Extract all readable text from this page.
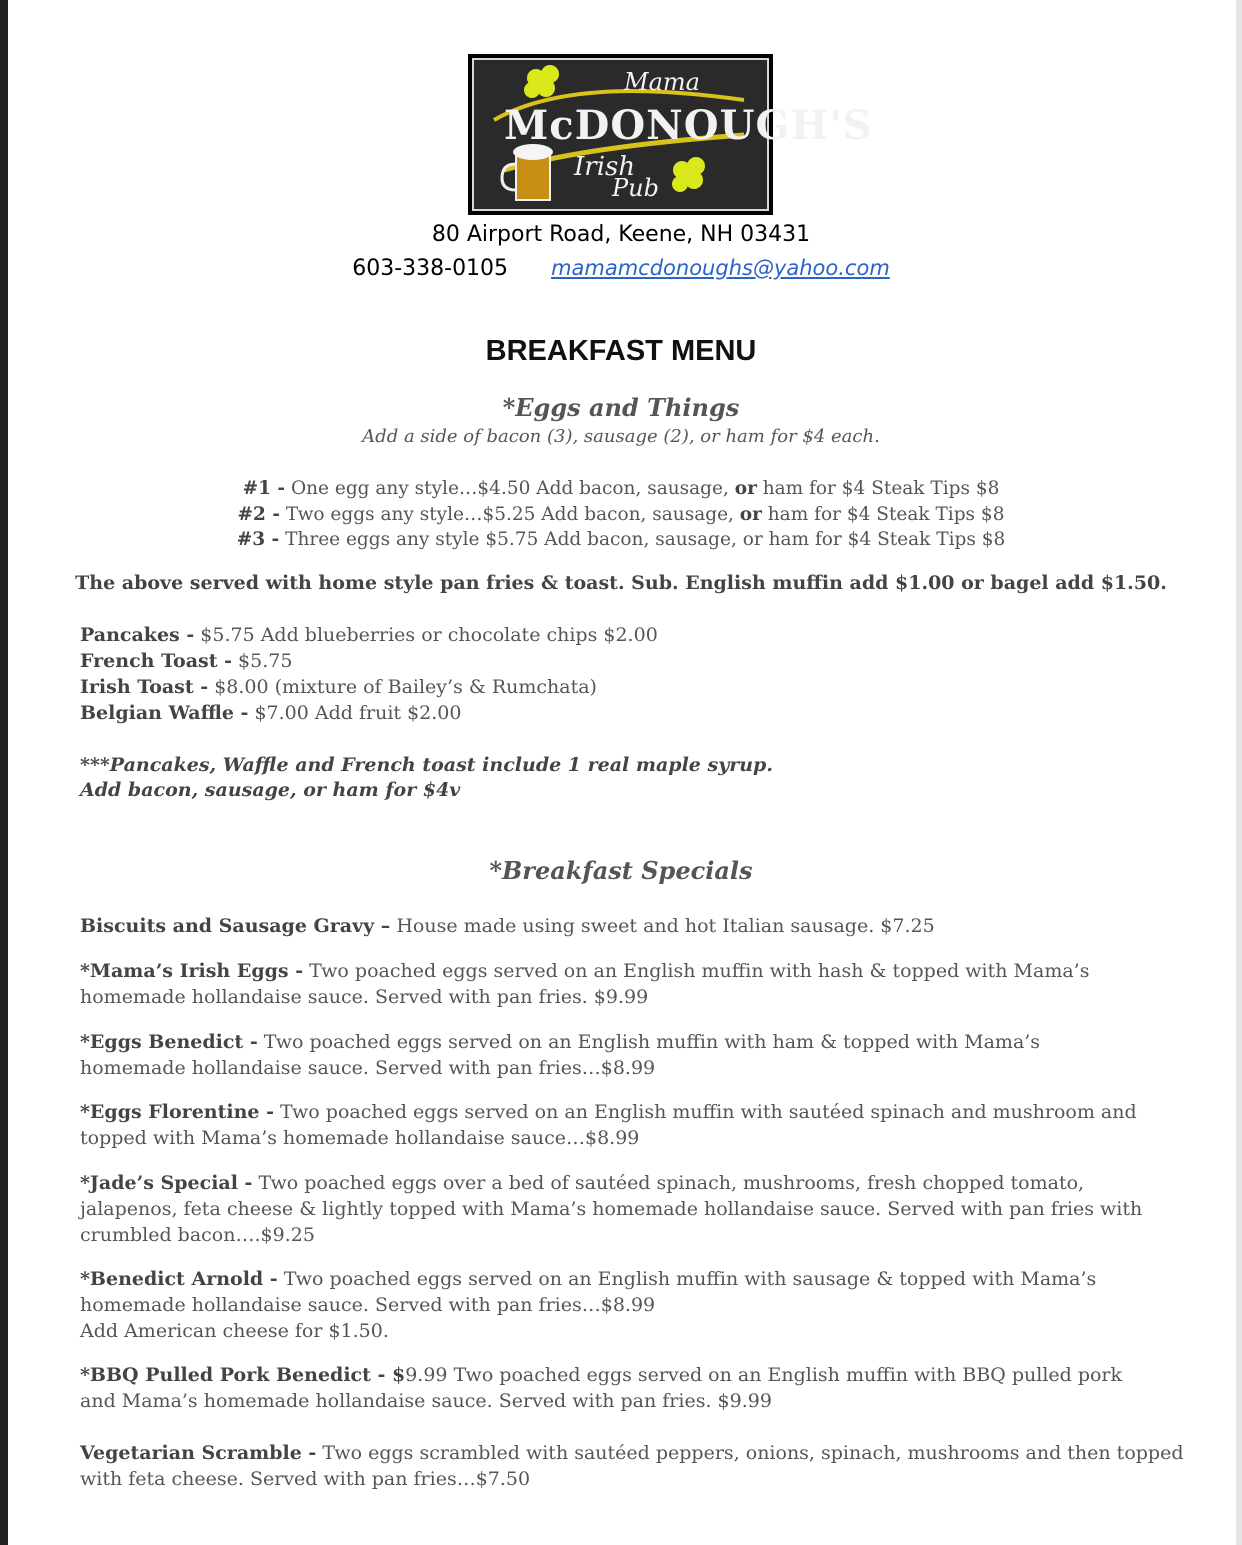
Mama
McDONOUGH'S
Irish
Pub
80 Airport Road, Keene, NH 03431
603-338-0105 mamamcdonoughs@yahoo.com
BREAKFAST MENU
*Eggs and Things
Add a side of bacon (3), sausage (2), or ham for $4 each.
#1 - One egg any style…$4.50 Add bacon, sausage, or ham for $4 Steak Tips $8
#2 - Two eggs any style…$5.25 Add bacon, sausage, or ham for $4 Steak Tips $8
#3 - Three eggs any style $5.75 Add bacon, sausage, or ham for $4 Steak Tips $8
The above served with home style pan fries & toast. Sub. English muffin add $1.00 or bagel add $1.50.
Pancakes - $5.75 Add blueberries or chocolate chips $2.00
French Toast - $5.75
Irish Toast - $8.00 (mixture of Bailey’s & Rumchata)
Belgian Waffle - $7.00 Add fruit $2.00
***Pancakes, Waffle and French toast include 1 real maple syrup.
Add bacon, sausage, or ham for $4v
*Breakfast Specials
Biscuits and Sausage Gravy – House made using sweet and hot Italian sausage. $7.25
*Mama’s Irish Eggs - Two poached eggs served on an English muffin with hash & topped with Mama’s
homemade hollandaise sauce. Served with pan fries. $9.99
*Eggs Benedict - Two poached eggs served on an English muffin with ham & topped with Mama’s
homemade hollandaise sauce. Served with pan fries…$8.99
*Eggs Florentine - Two poached eggs served on an English muffin with sautéed spinach and mushroom and
topped with Mama’s homemade hollandaise sauce…$8.99
*Jade’s Special - Two poached eggs over a bed of sautéed spinach, mushrooms, fresh chopped tomato,
jalapenos, feta cheese & lightly topped with Mama’s homemade hollandaise sauce. Served with pan fries with
crumbled bacon….$9.25
*Benedict Arnold - Two poached eggs served on an English muffin with sausage & topped with Mama’s
homemade hollandaise sauce. Served with pan fries…$8.99
Add American cheese for $1.50.
*BBQ Pulled Pork Benedict - $9.99 Two poached eggs served on an English muffin with BBQ pulled pork
and Mama’s homemade hollandaise sauce. Served with pan fries. $9.99
Vegetarian Scramble - Two eggs scrambled with sautéed peppers, onions, spinach, mushrooms and then topped
with feta cheese. Served with pan fries…$7.50
